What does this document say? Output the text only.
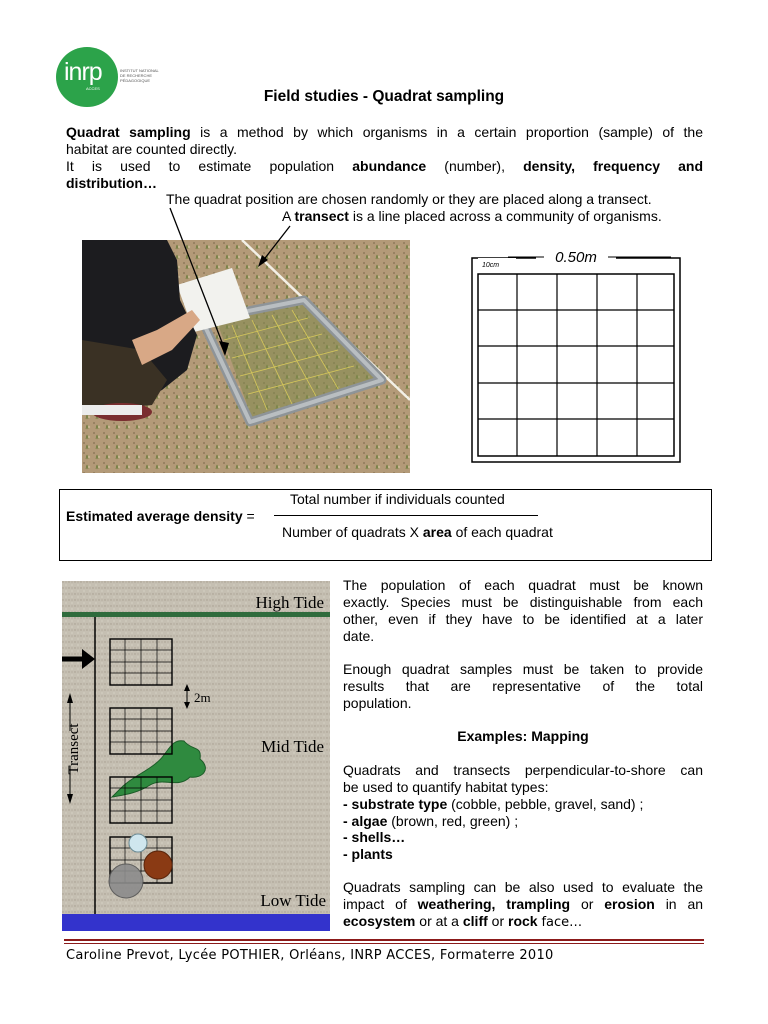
inrp
ACCES
INSTITUT NATIONAL
DE RECHERCHE
PÉDAGOGIQUE
Field studies - Quadrat sampling
Quadrat sampling is a method by which organisms in a certain proportion (sample) of the
habitat are counted directly.
It is used to estimate population abundance (number), density, frequency and
distribution…
The quadrat position are chosen randomly or they are placed along a transect.
A transect is a line placed across a community of organisms.
0.50m
10cm
Estimated average density =
Total number if individuals counted
Number of quadrats X area of each quadrat
Transect
2m
High Tide
Mid Tide
Low Tide
The population of each quadrat must be known
exactly. Species must be distinguishable from each
other, even if they have to be identified at a later
date.
Enough quadrat samples must be taken to provide
results that are representative of the total
population.
Examples: Mapping
Quadrats and transects perpendicular-to-shore can
be used to quantify habitat types:
- substrate type (cobble, pebble, gravel, sand) ;
- algae (brown, red, green) ;
- shells…
- plants
Quadrats sampling can be also used to evaluate the
impact of weathering, trampling or erosion in an
ecosystem or at a cliff or rock face…
Caroline Prevot, Lycée POTHIER, Orléans, INRP ACCES, Formaterre 2010
